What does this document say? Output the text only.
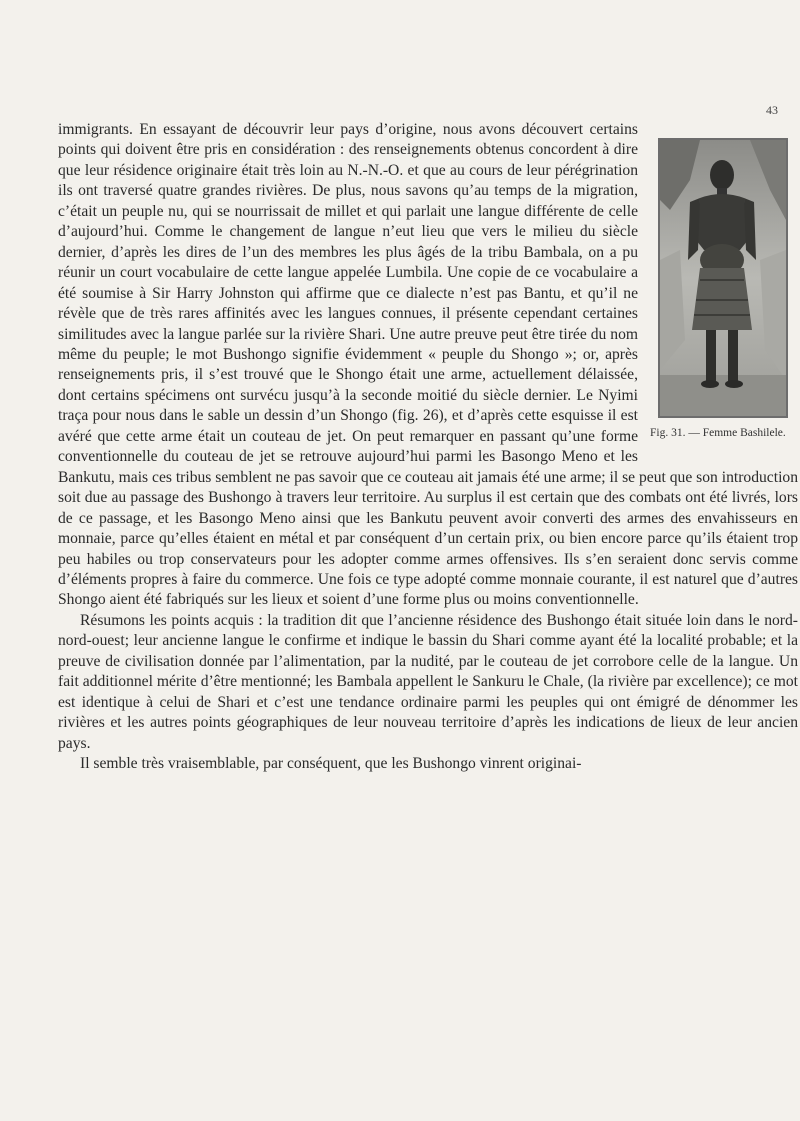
43
Fig. 31. — Femme Bashilele.

immigrants. En essayant de découvrir leur pays d’origine, nous avons découvert certains points qui doivent être pris en considération : des renseignements obtenus concordent à dire que leur résidence originaire était très loin au N.-N.-O. et que au cours de leur pérégrination ils ont traversé quatre grandes rivières. De plus, nous savons qu’au temps de la migration, c’était un peuple nu, qui se nourrissait de millet et qui parlait une langue différente de celle d’aujourd’hui. Comme le changement de langue n’eut lieu que vers le milieu du siècle dernier, d’après les dires de l’un des membres les plus âgés de la tribu Bambala, on a pu réunir un court vocabulaire de cette langue appelée Lumbila. Une copie de ce vocabulaire a été soumise à Sir Harry Johnston qui affirme que ce dialecte n’est pas Bantu, et qu’il ne révèle que de très rares affinités avec les langues connues, il présente cependant certaines similitudes avec la langue parlée sur la rivière Shari. Une autre preuve peut être tirée du nom même du peuple; le mot Bushongo signifie évidemment « peuple du Shongo »; or, après renseignements pris, il s’est trouvé que le Shongo était une arme, actuellement délaissée, dont certains spécimens ont survécu jusqu’à la seconde moitié du siècle dernier. Le Nyimi traça pour nous dans le sable un dessin d’un Shongo (fig. 26), et d’après cette esquisse il est avéré que cette arme était un couteau de jet. On peut remarquer en passant qu’une forme conventionnelle du couteau de jet se retrouve aujourd’hui parmi les Basongo Meno et les Bankutu, mais ces tribus semblent ne pas savoir que ce couteau ait jamais été une arme; il se peut que son introduction soit due au passage des Bushongo à travers leur territoire. Au surplus il est certain que des combats ont été livrés, lors de ce passage, et les Basongo Meno ainsi que les Bankutu peuvent avoir converti des armes des envahisseurs en monnaie, parce qu’elles étaient en métal et par conséquent d’un certain prix, ou bien encore parce qu’ils étaient trop peu habiles ou trop conservateurs pour les adopter comme armes offensives. Ils s’en seraient donc servis comme d’éléments propres à faire du commerce. Une fois ce type adopté comme monnaie courante, il est naturel que d’autres Shongo aient été fabriqués sur les lieux et soient d’une forme plus ou moins conventionnelle.

Résumons les points acquis : la tradition dit que l’ancienne résidence des Bushongo était située loin dans le nord-nord-ouest; leur ancienne langue le confirme et indique le bassin du Shari comme ayant été la localité probable; et la preuve de civilisation donnée par l’alimentation, par la nudité, par le couteau de jet corrobore celle de la langue. Un fait additionnel mérite d’être mentionné; les Bambala appellent le Sankuru le Chale, (la rivière par excellence); ce mot est identique à celui de Shari et c’est une tendance ordinaire parmi les peuples qui ont émigré de dénommer les rivières et les autres points géographiques de leur nouveau territoire d’après les indications de lieux de leur ancien pays.

Il semble très vraisemblable, par conséquent, que les Bushongo vinrent originai-
